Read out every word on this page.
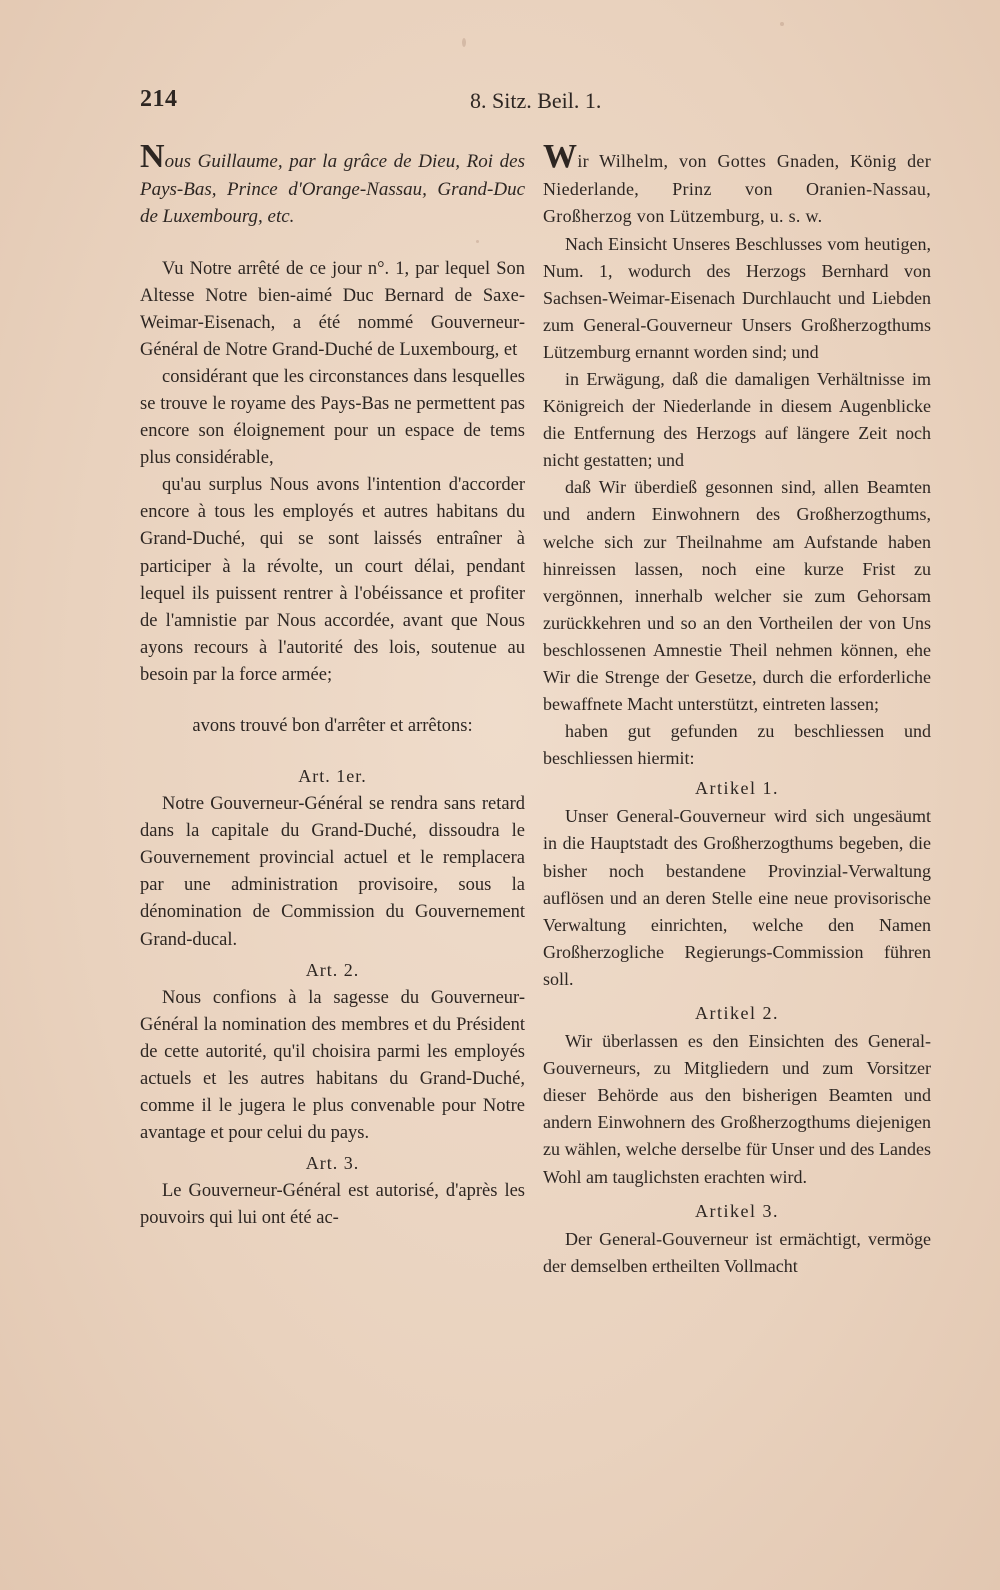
214	8. Sitz. Beil. 1.

Nous Guillaume, par la grâce de Dieu, Roi des Pays-Bas, Prince d'Orange-Nassau, Grand-Duc de Luxembourg, etc.

Vu Notre arrêté de ce jour n°. 1, par lequel Son Altesse Notre bien-aimé Duc Bernard de Saxe-Weimar-Eisenach, a été nommé Gouverneur-Général de Notre Grand-Duché de Luxembourg, et

considérant que les circonstances dans lesquelles se trouve le royame des Pays-Bas ne permettent pas encore son éloignement pour un espace de tems plus considérable,

qu'au surplus Nous avons l'intention d'accorder encore à tous les employés et autres habitans du Grand-Duché, qui se sont laissés entraîner à participer à la révolte, un court délai, pendant lequel ils puissent rentrer à l'obéissance et profiter de l'amnistie par Nous accordée, avant que Nous ayons recours à l'autorité des lois, soutenue au besoin par la force armée;

avons trouvé bon d'arrêter et arrêtons:

Art. 1er.

Notre Gouverneur-Général se rendra sans retard dans la capitale du Grand-Duché, dissoudra le Gouvernement provincial actuel et le remplacera par une administration provisoire, sous la dénomination de Commission du Gouvernement Grand-ducal.

Art. 2.

Nous confions à la sagesse du Gouverneur-Général la nomination des membres et du Président de cette autorité, qu'il choisira parmi les employés actuels et les autres habitans du Grand-Duché, comme il le jugera le plus convenable pour Notre avantage et pour celui du pays.

Art. 3.

Le Gouverneur-Général est autorisé, d'après les pouvoirs qui lui ont été ac-

Wir Wilhelm, von Gottes Gnaden, König der Niederlande, Prinz von Oranien-Nassau, Großherzog von Lützemburg, u. s. w.

Nach Einsicht Unseres Beschlusses vom heutigen, Num. 1, wodurch des Herzogs Bernhard von Sachsen-Weimar-Eisenach Durchlaucht und Liebden zum General-Gouverneur Unsers Großherzogthums Lützemburg ernannt worden sind; und

in Erwägung, daß die damaligen Verhältnisse im Königreich der Niederlande in diesem Augenblicke die Entfernung des Herzogs auf längere Zeit noch nicht gestatten; und

daß Wir überdieß gesonnen sind, allen Beamten und andern Einwohnern des Großherzogthums, welche sich zur Theilnahme am Aufstande haben hinreissen lassen, noch eine kurze Frist zu vergönnen, innerhalb welcher sie zum Gehorsam zurückkehren und so an den Vortheilen der von Uns beschlossenen Amnestie Theil nehmen können, ehe Wir die Strenge der Gesetze, durch die erforderliche bewaffnete Macht unterstützt, eintreten lassen;

haben gut gefunden zu beschliessen und beschliessen hiermit:

Artikel 1.

Unser General-Gouverneur wird sich ungesäumt in die Hauptstadt des Großherzogthums begeben, die bisher noch bestandene Provinzial-Verwaltung auflösen und an deren Stelle eine neue provisorische Verwaltung einrichten, welche den Namen Großherzogliche Regierungs-Commission führen soll.

Artikel 2.

Wir überlassen es den Einsichten des General-Gouverneurs, zu Mitgliedern und zum Vorsitzer dieser Behörde aus den bisherigen Beamten und andern Einwohnern des Großherzogthums diejenigen zu wählen, welche derselbe für Unser und des Landes Wohl am tauglichsten erachten wird.

Artikel 3.

Der General-Gouverneur ist ermächtigt, vermöge der demselben ertheilten Vollmacht
